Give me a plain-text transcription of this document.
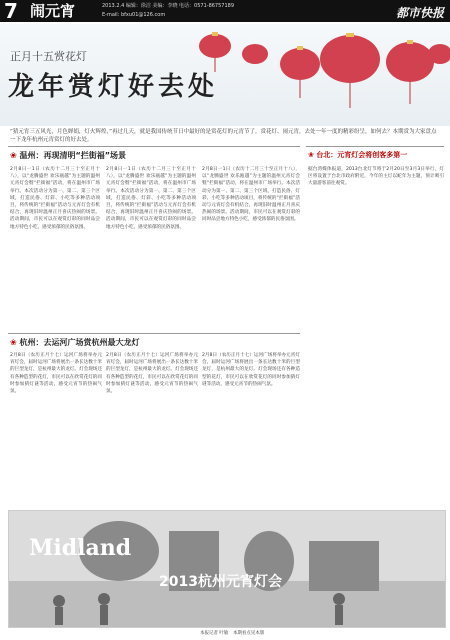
7 闹元宵	2013.2.4 编辑：徐洁 美编：李晓 电话：0571-86757189
E-mail: bfxu01@126.com	都市快报
正月十五赏花灯
龙年赏灯好去处
“猜元宵三五风光，月色婵娟，灯火辉煌，”再过几天，就是我国传统节日中最好的是赏花灯的元宵节了。赏花灯、闹元宵，去处一年一度的精彩纷呈，如何去？本期赏为大家盘点一下龙年杭州元宵赏灯的好去处。
❀ 温州：再现清明“拦街福”场景
2月8日一1日（农历十二月三十至正月十八），以“龙腾盛世 欢乐瓯越”为主题的温州元宵灯会暨“拦街福”活动，将在温州市广场举行。本次活动分为第一、第二、第三个区域，打造民俗、灯彩、小吃等多种活动项目，将传统的“拦街福”活动与元宵灯会有机结合，再现旧时温州正月喜庆热闹的场景。活动期间，市民可以在观赏灯彩的同时品尝地方特色小吃，感受浓郁的民俗氛围。
2月8日一1日（农历十二月三十至正月十八），以“龙腾盛世 欢乐瓯越”为主题的温州元宵灯会暨“拦街福”活动，将在温州市广场举行。本次活动分为第一、第二、第三个区域，打造民俗、灯彩、小吃等多种活动项目，将传统的“拦街福”活动与元宵灯会有机结合，再现旧时温州正月喜庆热闹的场景。活动期间，市民可以在观赏灯彩的同时品尝地方特色小吃，感受浓郁的民俗氛围。
2月8日一1日（农历十二月三十至正月十八），以“龙腾盛世 欢乐瓯越”为主题的温州元宵灯会暨“拦街福”活动，将在温州市广场举行。本次活动分为第一、第二、第三个区域，打造民俗、灯彩、小吃等多种活动项目，将传统的“拦街福”活动与元宵灯会有机结合，再现旧时温州正月喜庆热闹的场景。活动期间，市民可以在观赏灯彩的同时品尝地方特色小吃，感受浓郁的民俗氛围。
❀ 杭州：去运河广场赏杭州最大龙灯
2月8日（农历正月十七）运河广场将举办元宵灯会，届时运河广场将展出一条长达数十米的巨型龙灯，是杭州最大的龙灯。灯会现场还有各种造型的花灯，市民可以在欣赏花灯的同时参加猜灯谜等活动，感受元宵节的热闹气氛。
2月8日（农历正月十七）运河广场将举办元宵灯会，届时运河广场将展出一条长达数十米的巨型龙灯，是杭州最大的龙灯。灯会现场还有各种造型的花灯，市民可以在欣赏花灯的同时参加猜灯谜等活动，感受元宵节的热闹气氛。
2月8日（农历正月十七）运河广场将举办元宵灯会，届时运河广场将展出一条长达数十米的巨型龙灯，是杭州最大的龙灯。灯会现场还有各种造型的花灯，市民可以在欣赏花灯的同时参加猜灯谜等活动，感受元宵节的热闹气氛。
❀ 台北：元宵灯会将创客多第一
据台湾媒体报道，2013台北灯节将于2月20日至3月3日举行，灯区将设置于台北市政府附近，今年的主灯以蛇年为主题，预计吸引大量游客前往观赏。
Midland
2013杭州元宵灯会
本报记者 叶敏　 本期看点见本版
